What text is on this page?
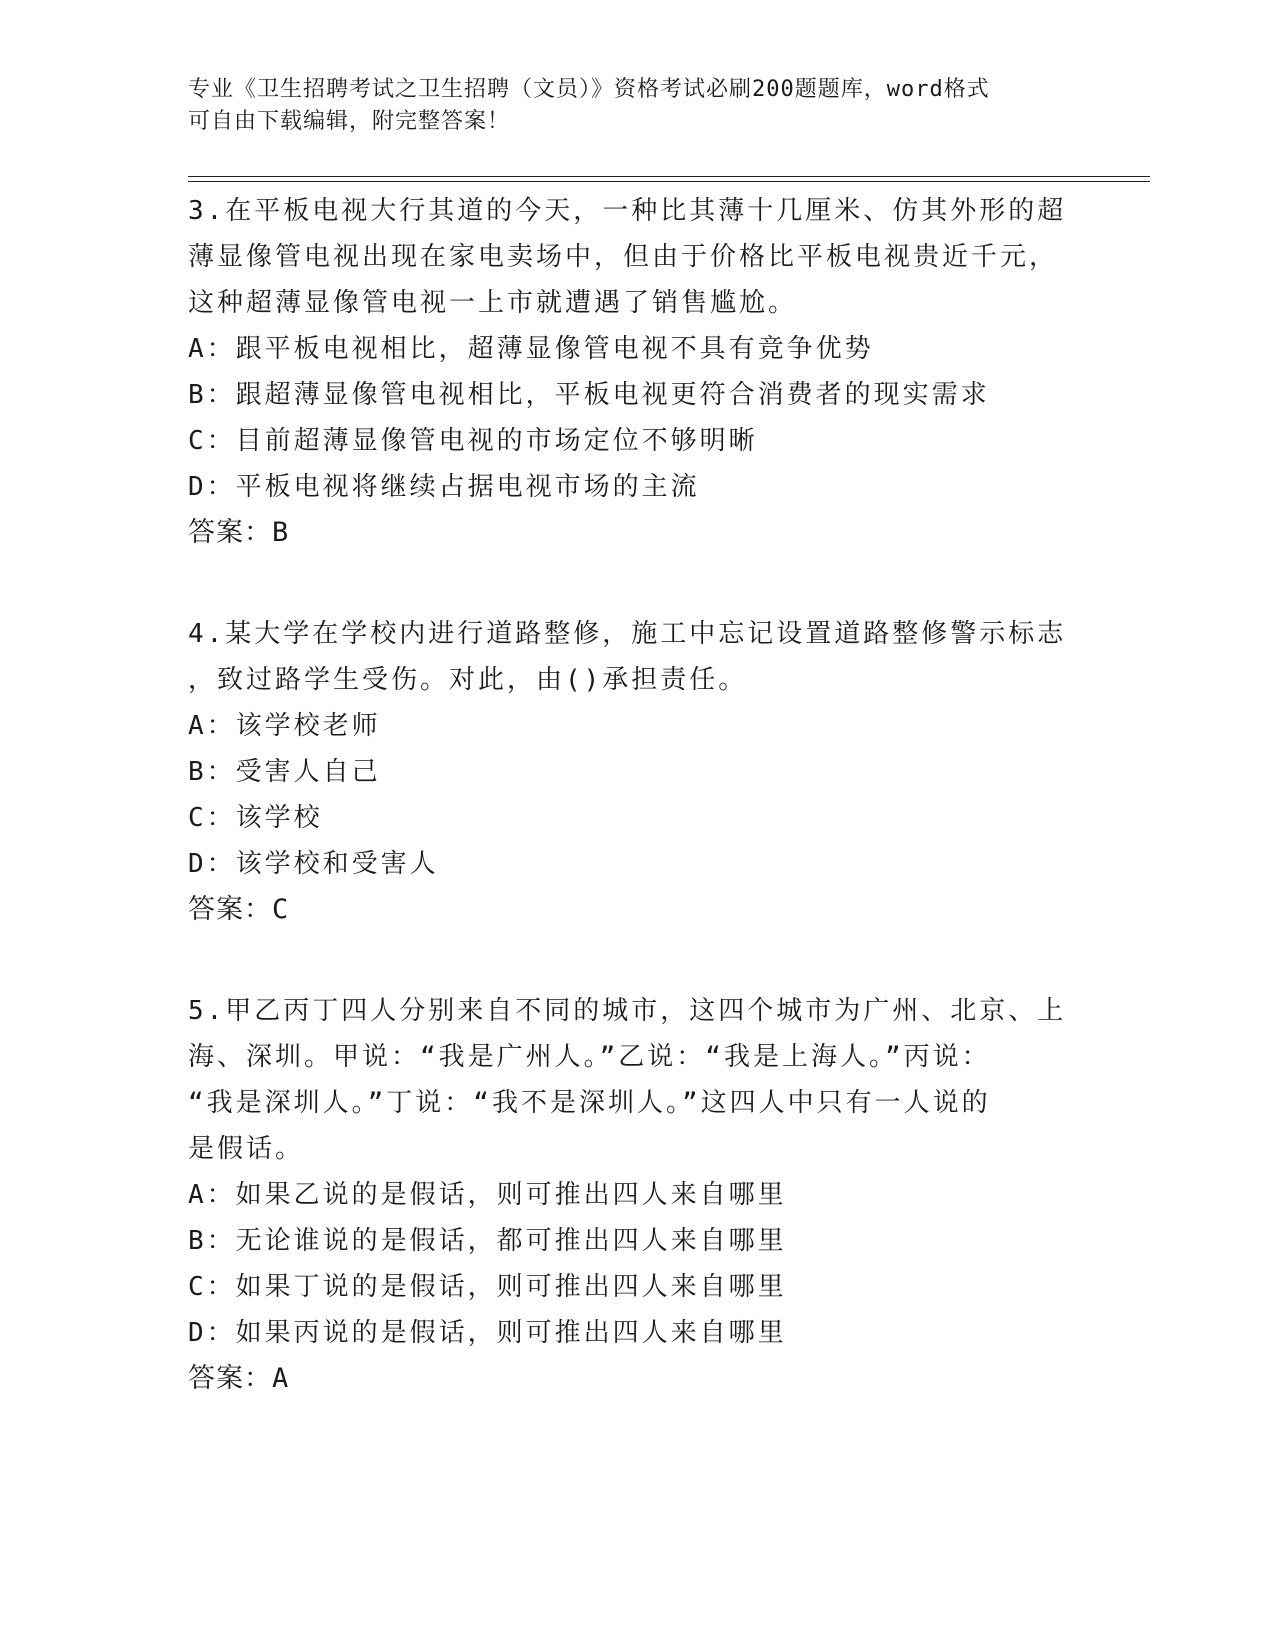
专业《卫生招聘考试之卫生招聘（文员）》资格考试必刷200题题库，word格式
可自由下载编辑，附完整答案！
3.在平板电视大行其道的今天，一种比其薄十几厘米、仿其外形的超
薄显像管电视出现在家电卖场中，但由于价格比平板电视贵近千元，
这种超薄显像管电视一上市就遭遇了销售尴尬。
A：跟平板电视相比，超薄显像管电视不具有竞争优势
B：跟超薄显像管电视相比，平板电视更符合消费者的现实需求
C：目前超薄显像管电视的市场定位不够明晰
D：平板电视将继续占据电视市场的主流
答案：B
4.某大学在学校内进行道路整修，施工中忘记设置道路整修警示标志
，致过路学生受伤。对此，由()承担责任。
A：该学校老师
B：受害人自己
C：该学校
D：该学校和受害人
答案：C
5.甲乙丙丁四人分别来自不同的城市，这四个城市为广州、北京、上
海、深圳。甲说：“我是广州人。”乙说：“我是上海人。”丙说：
“我是深圳人。”丁说：“我不是深圳人。”这四人中只有一人说的
是假话。
A：如果乙说的是假话，则可推出四人来自哪里
B：无论谁说的是假话，都可推出四人来自哪里
C：如果丁说的是假话，则可推出四人来自哪里
D：如果丙说的是假话，则可推出四人来自哪里
答案：A
